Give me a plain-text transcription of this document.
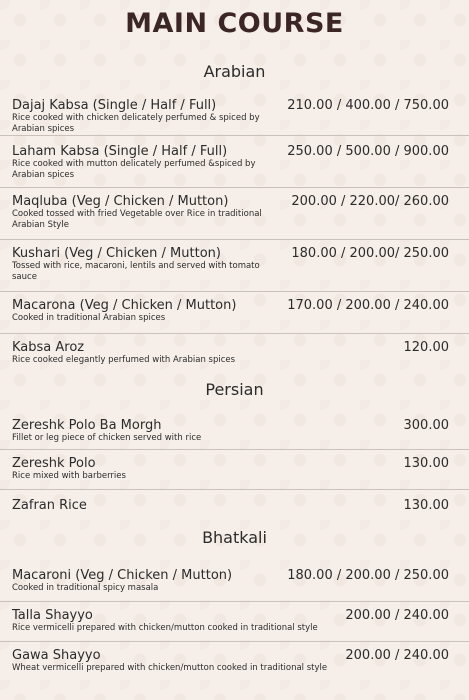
MAIN COURSE
Arabian
Dajaj Kabsa (Single / Half / Full)	210.00 / 400.00 / 750.00
Rice cooked with chicken delicately perfumed & spiced by Arabian spices
Laham Kabsa (Single / Half / Full)	250.00 / 500.00 / 900.00
Rice cooked with mutton delicately perfumed &spiced by Arabian spices
Maqluba (Veg / Chicken / Mutton)	200.00 / 220.00/ 260.00
Cooked tossed with fried Vegetable over Rice in traditional Arabian Style
Kushari (Veg / Chicken / Mutton)	180.00 / 200.00/ 250.00
Tossed with rice, macaroni, lentils and served with tomato sauce
Macarona (Veg / Chicken / Mutton)	170.00 / 200.00 / 240.00
Cooked in traditional Arabian spices
Kabsa Aroz	120.00
Rice cooked elegantly perfumed with Arabian spices
Persian
Zereshk Polo Ba Morgh	300.00
Fillet or leg piece of chicken served with rice
Zereshk Polo	130.00
Rice mixed with barberries
Zafran Rice	130.00
Bhatkali
Macaroni (Veg / Chicken / Mutton)	180.00 / 200.00 / 250.00
Cooked in traditional spicy masala
Talla Shayyo	200.00 / 240.00
Rice vermicelli prepared with chicken/mutton cooked in traditional style
Gawa Shayyo	200.00 / 240.00
Wheat vermicelli prepared with chicken/mutton cooked in traditional style
